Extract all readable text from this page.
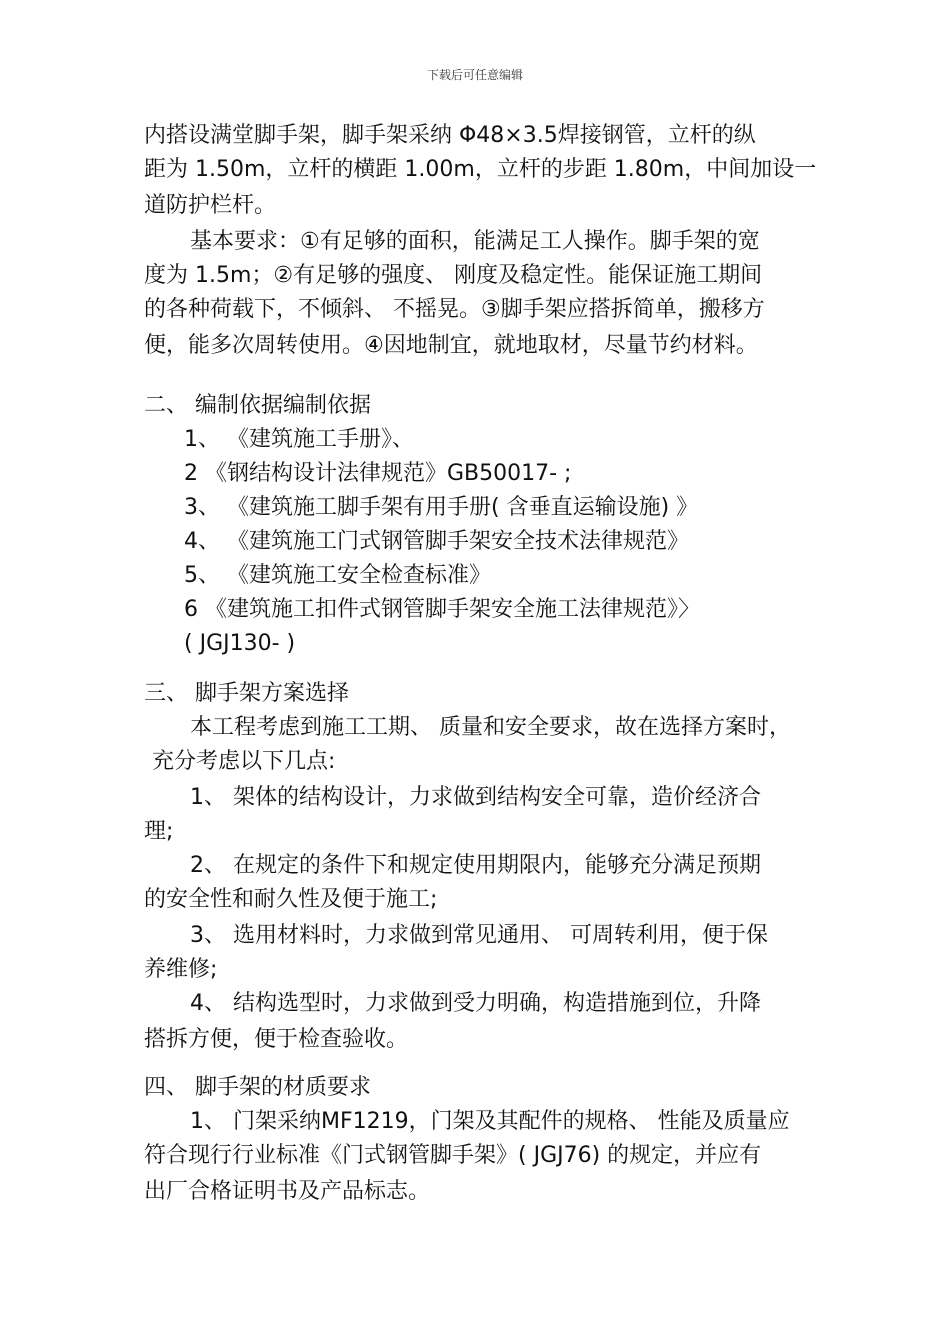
下载后可任意编辑
内搭设满堂脚手架，脚手架采纳 Φ48×3.5焊接钢管，立杆的纵
距为 1.50m，立杆的横距 1.00m，立杆的步距 1.80m，中间加设一
道防护栏杆。
基本要求：①有足够的面积，能满足工人操作。脚手架的宽
度为 1.5m；②有足够的强度、 刚度及稳定性。能保证施工期间
的各种荷载下，不倾斜、 不摇晃。③脚手架应搭拆简单，搬移方
便，能多次周转使用。④因地制宜，就地取材，尽量节约材料。
二、 编制依据编制依据
1、 《建筑施工手册》、
2 《钢结构设计法律规范》GB50017- ;
3、 《建筑施工脚手架有用手册( 含垂直运输设施) 》
4、 《建筑施工门式钢管脚手架安全技术法律规范》
5、 《建筑施工安全检查标准》
6 《建筑施工扣件式钢管脚手架安全施工法律规范》〉
( JGJ130- )
三、 脚手架方案选择
本工程考虑到施工工期、 质量和安全要求，故在选择方案时，
充分考虑以下几点:
1、 架体的结构设计，力求做到结构安全可靠，造价经济合
理;
2、 在规定的条件下和规定使用期限内，能够充分满足预期
的安全性和耐久性及便于施工;
3、 选用材料时，力求做到常见通用、 可周转利用，便于保
养维修;
4、 结构选型时，力求做到受力明确，构造措施到位，升降
搭拆方便，便于检查验收。
四、 脚手架的材质要求
1、 门架采纳MF1219，门架及其配件的规格、 性能及质量应
符合现行行业标准《门式钢管脚手架》( JGJ76) 的规定，并应有
出厂合格证明书及产品标志。
